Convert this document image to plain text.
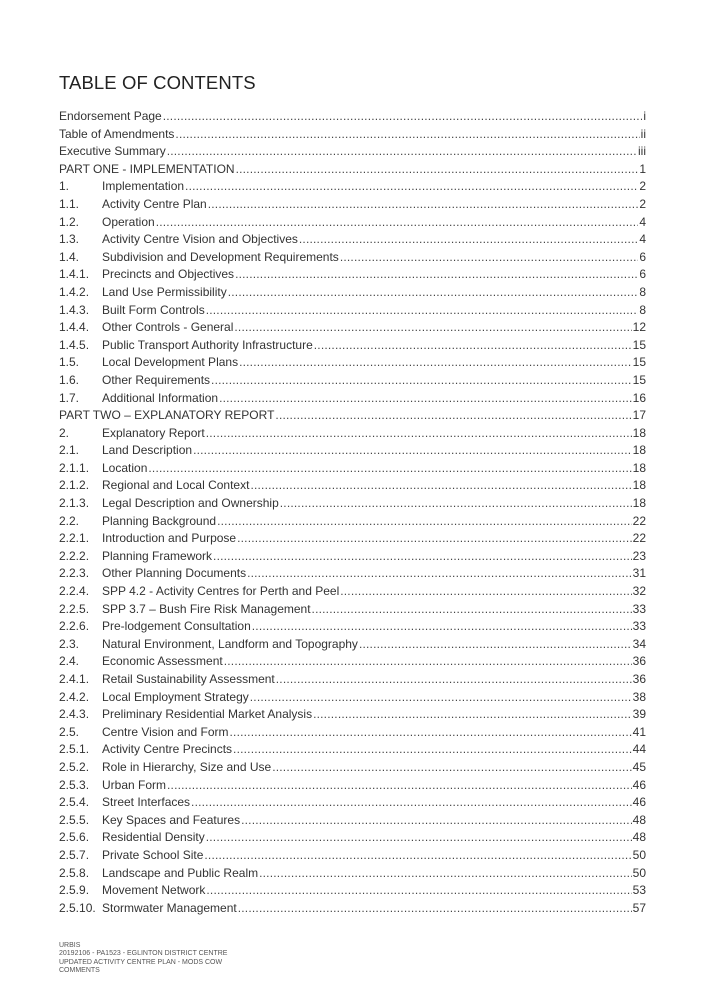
TABLE OF CONTENTS
Endorsement Page .....	i
Table of Amendments .....	ii
Executive Summary .....	iii
PART ONE - IMPLEMENTATION .....	1
1.	Implementation .....	2
1.1.	Activity Centre Plan .....	2
1.2.	Operation .....	4
1.3.	Activity Centre Vision and Objectives .....	4
1.4.	Subdivision and Development Requirements .....	6
1.4.1.	Precincts and Objectives .....	6
1.4.2.	Land Use Permissibility .....	8
1.4.3.	Built Form Controls .....	8
1.4.4.	Other Controls - General .....	12
1.4.5.	Public Transport Authority Infrastructure .....	15
1.5.	Local Development Plans .....	15
1.6.	Other Requirements .....	15
1.7.	Additional Information .....	16
PART TWO – EXPLANATORY REPORT .....	17
2.	Explanatory Report .....	18
2.1.	Land Description .....	18
2.1.1.	Location .....	18
2.1.2.	Regional and Local Context .....	18
2.1.3.	Legal Description and Ownership .....	18
2.2.	Planning Background .....	22
2.2.1.	Introduction and Purpose .....	22
2.2.2.	Planning Framework .....	23
2.2.3.	Other Planning Documents .....	31
2.2.4.	SPP 4.2 - Activity Centres for Perth and Peel .....	32
2.2.5.	SPP 3.7 – Bush Fire Risk Management .....	33
2.2.6.	Pre-lodgement Consultation .....	33
2.3.	Natural Environment, Landform and Topography .....	34
2.4.	Economic Assessment .....	36
2.4.1.	Retail Sustainability Assessment .....	36
2.4.2.	Local Employment Strategy .....	38
2.4.3.	Preliminary Residential Market Analysis .....	39
2.5.	Centre Vision and Form .....	41
2.5.1.	Activity Centre Precincts .....	44
2.5.2.	Role in Hierarchy, Size and Use .....	45
2.5.3.	Urban Form .....	46
2.5.4.	Street Interfaces .....	46
2.5.5.	Key Spaces and Features .....	48
2.5.6.	Residential Density .....	48
2.5.7.	Private School Site .....	50
2.5.8.	Landscape and Public Realm .....	50
2.5.9.	Movement Network .....	53
2.5.10. Stormwater Management .....	57
URBIS
20192106 - PA1523 - EGLINTON DISTRICT CENTRE
UPDATED ACTIVITY CENTRE PLAN - MODS COW
COMMENTS
